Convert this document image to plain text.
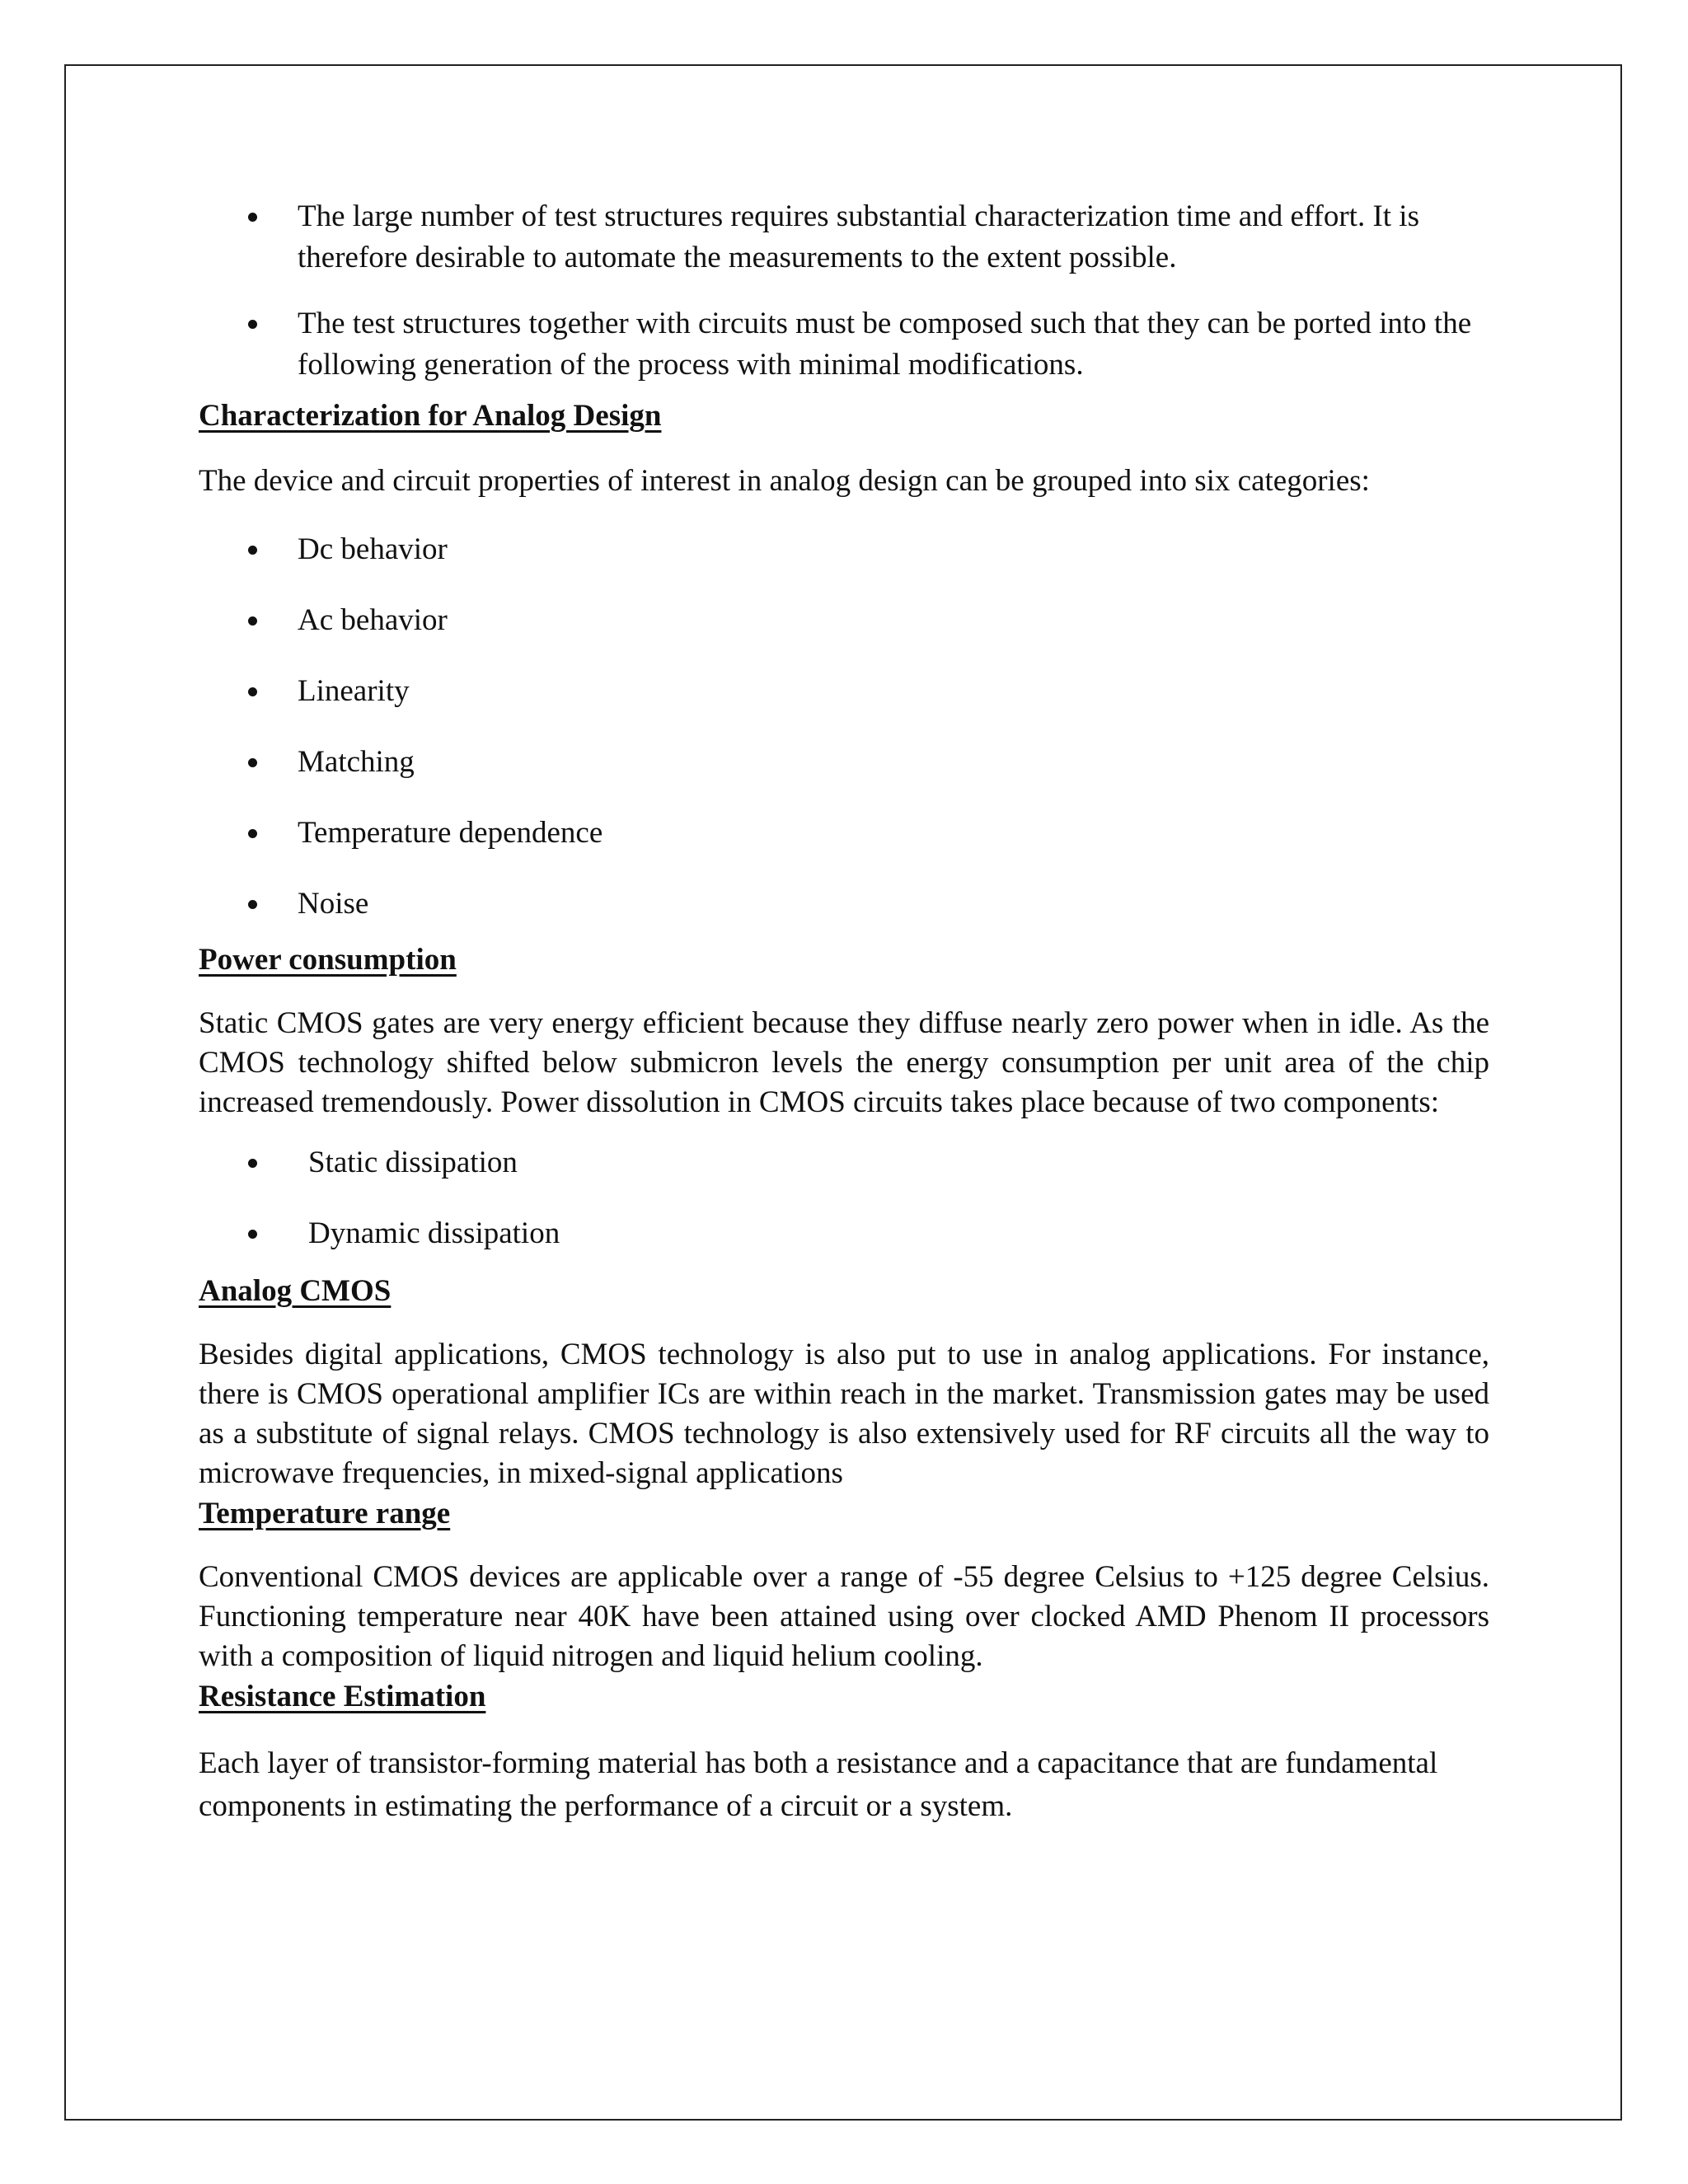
The large number of test structures requires substantial characterization time and effort. It is therefore desirable to automate the measurements to the extent possible.
The test structures together with circuits must be composed such that they can be ported into the following generation of the process with minimal modifications.
Characterization for Analog Design

The device and circuit properties of interest in analog design can be grouped into six categories:

Dc behavior
Ac behavior
Linearity
Matching
Temperature dependence
Noise
Power consumption

Static CMOS gates are very energy efficient because they diffuse nearly zero power when in idle. As the CMOS technology shifted below submicron levels the energy consumption per unit area of the chip increased tremendously. Power dissolution in CMOS circuits takes place because of two components:

Static dissipation
Dynamic dissipation
Analog CMOS

Besides digital applications, CMOS technology is also put to use in analog applications. For instance, there is CMOS operational amplifier ICs are within reach in the market. Transmission gates may be used as a substitute of signal relays. CMOS technology is also extensively used for RF circuits all the way to microwave frequencies, in mixed-signal applications

Temperature range

Conventional CMOS devices are applicable over a range of -55 degree Celsius to +125 degree Celsius. Functioning temperature near 40K have been attained using over clocked AMD Phenom II processors with a composition of liquid nitrogen and liquid helium cooling.

Resistance Estimation

Each layer of transistor-forming material has both a resistance and a capacitance that are fundamental components in estimating the performance of a circuit or a system.
